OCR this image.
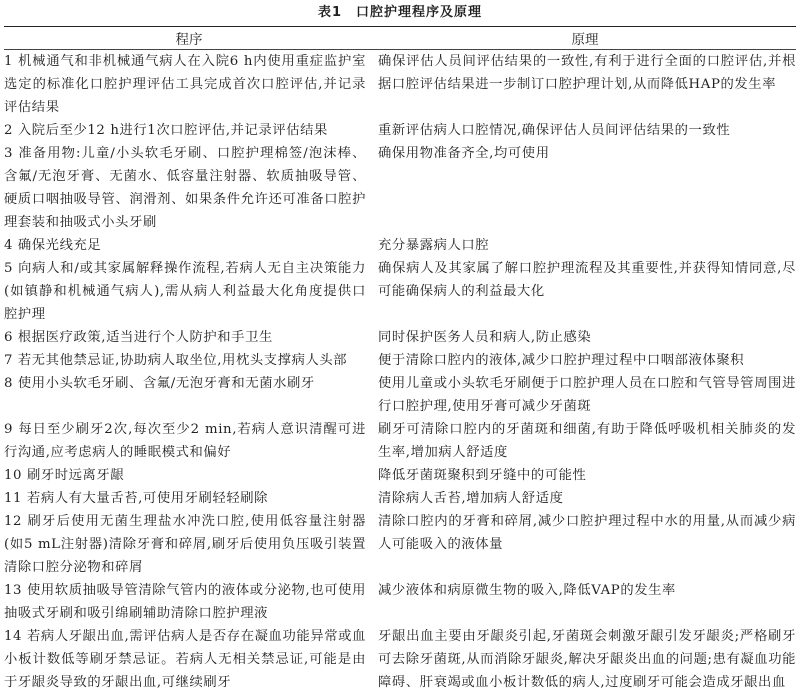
表1　口腔护理程序及原理
程序	原理
1 机械通气和非机械通气病人在入院6 h内使用重症监护室选定的标准化口腔护理评估工具完成首次口腔评估,并记录评估结果	确保评估人员间评估结果的一致性,有利于进行全面的口腔评估,并根据口腔评估结果进一步制订口腔护理计划,从而降低HAP的发生率
2 入院后至少12 h进行1次口腔评估,并记录评估结果	重新评估病人口腔情况,确保评估人员间评估结果的一致性
3 准备用物:儿童/小头软毛牙刷、口腔护理棉签/泡沫棒、含氟/无泡牙膏、无菌水、低容量注射器、软质抽吸导管、硬质口咽抽吸导管、润滑剂、如果条件允许还可准备口腔护理套装和抽吸式小头牙刷	确保用物准备齐全,均可使用
4 确保光线充足	充分暴露病人口腔
5 向病人和/或其家属解释操作流程,若病人无自主决策能力(如镇静和机械通气病人),需从病人利益最大化角度提供口腔护理	确保病人及其家属了解口腔护理流程及其重要性,并获得知情同意,尽可能确保病人的利益最大化
6 根据医疗政策,适当进行个人防护和手卫生	同时保护医务人员和病人,防止感染
7 若无其他禁忌证,协助病人取坐位,用枕头支撑病人头部	便于清除口腔内的液体,减少口腔护理过程中口咽部液体聚积
8 使用小头软毛牙刷、含氟/无泡牙膏和无菌水刷牙	使用儿童或小头软毛牙刷便于口腔护理人员在口腔和气管导管周围进行口腔护理,使用牙膏可减少牙菌斑
9 每日至少刷牙2次,每次至少2 min,若病人意识清醒可进行沟通,应考虑病人的睡眠模式和偏好	刷牙可清除口腔内的牙菌斑和细菌,有助于降低呼吸机相关肺炎的发生率,增加病人舒适度
10 刷牙时远离牙龈	降低牙菌斑聚积到牙缝中的可能性
11 若病人有大量舌苔,可使用牙刷轻轻刷除	清除病人舌苔,增加病人舒适度
12 刷牙后使用无菌生理盐水冲洗口腔,使用低容量注射器(如5 mL注射器)清除牙膏和碎屑,刷牙后使用负压吸引装置清除口腔分泌物和碎屑	清除口腔内的牙膏和碎屑,减少口腔护理过程中水的用量,从而减少病人可能吸入的液体量
13 使用软质抽吸导管清除气管内的液体或分泌物,也可使用抽吸式牙刷和吸引绵刷辅助清除口腔护理液	减少液体和病原微生物的吸入,降低VAP的发生率
14 若病人牙龈出血,需评估病人是否存在凝血功能异常或血小板计数低等刷牙禁忌证。若病人无相关禁忌证,可能是由于牙龈炎导致的牙龈出血,可继续刷牙	牙龈出血主要由牙龈炎引起,牙菌斑会刺激牙龈引发牙龈炎;严格刷牙可去除牙菌斑,从而消除牙龈炎,解决牙龈炎出血的问题;患有凝血功能障碍、肝衰竭或血小板计数低的病人,过度刷牙可能会造成牙龈出血
